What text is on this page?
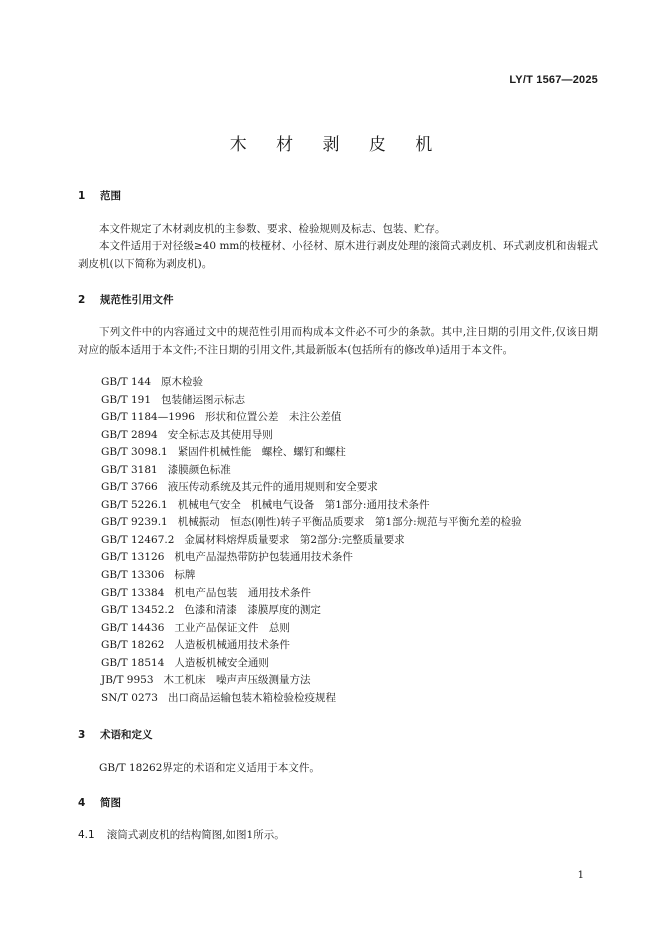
LY/T 1567—2025
木 材 剥 皮 机
1 范围

本文件规定了木材剥皮机的主参数、要求、检验规则及标志、包装、贮存。

本文件适用于对径级≥40 mm的枝桠材、小径材、原木进行剥皮处理的滚筒式剥皮机、环式剥皮机和齿辊式剥皮机(以下简称为剥皮机)。

2 规范性引用文件

下列文件中的内容通过文中的规范性引用而构成本文件必不可少的条款。其中,注日期的引用文件,仅该日期对应的版本适用于本文件;不注日期的引用文件,其最新版本(包括所有的修改单)适用于本文件。

GB/T 144 原木检验
GB/T 191 包装储运图示标志
GB/T 1184—1996 形状和位置公差　未注公差值
GB/T 2894 安全标志及其使用导则
GB/T 3098.1 紧固件机械性能　螺栓、螺钉和螺柱
GB/T 3181 漆膜颜色标准
GB/T 3766 液压传动系统及其元件的通用规则和安全要求
GB/T 5226.1 机械电气安全　机械电气设备　第1部分:通用技术条件
GB/T 9239.1 机械振动　恒态(刚性)转子平衡品质要求　第1部分:规范与平衡允差的检验
GB/T 12467.2 金属材料熔焊质量要求　第2部分:完整质量要求
GB/T 13126 机电产品湿热带防护包装通用技术条件
GB/T 13306 标牌
GB/T 13384 机电产品包装　通用技术条件
GB/T 13452.2 色漆和清漆　漆膜厚度的测定
GB/T 14436 工业产品保证文件　总则
GB/T 18262 人造板机械通用技术条件
GB/T 18514 人造板机械安全通则
JB/T 9953 木工机床　噪声声压级测量方法
SN/T 0273 出口商品运输包装木箱检验检疫规程
3 术语和定义

GB/T 18262界定的术语和定义适用于本文件。

4 简图
4.1 滚筒式剥皮机的结构简图,如图1所示。
1
